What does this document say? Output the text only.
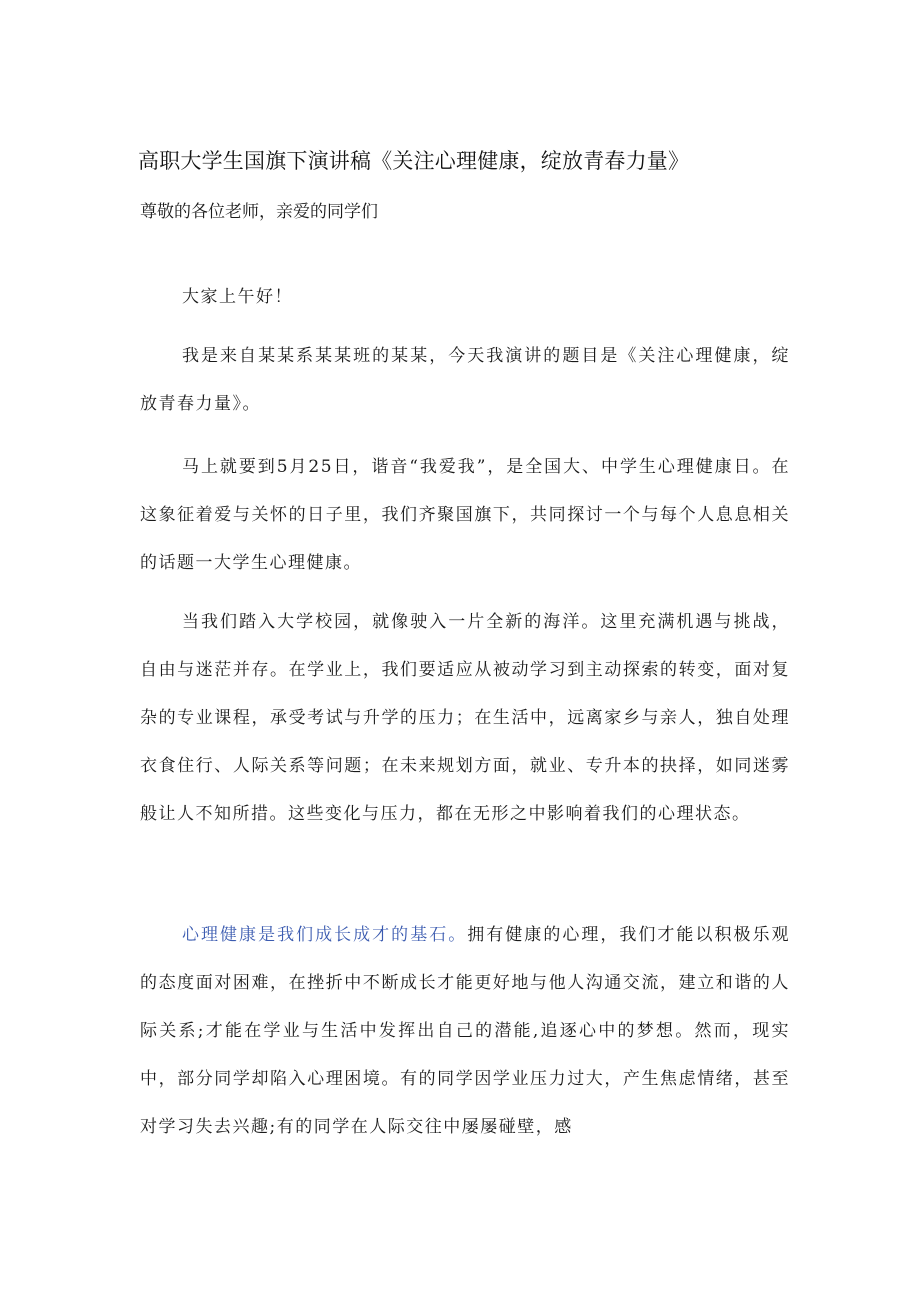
高职大学生国旗下演讲稿《关注心理健康，绽放青春力量》
尊敬的各位老师，亲爱的同学们

大家上午好！

我是来自某某系某某班的某某，今天我演讲的题目是《关注心理健康，绽放青春力量》。

马上就要到5月25日，谐音“我爱我”，是全国大、中学生心理健康日。在这象征着爱与关怀的日子里，我们齐聚国旗下，共同探讨一个与每个人息息相关的话题一大学生心理健康。

当我们踏入大学校园，就像驶入一片全新的海洋。这里充满机遇与挑战，自由与迷茫并存。在学业上，我们要适应从被动学习到主动探索的转变，面对复杂的专业课程，承受考试与升学的压力；在生活中，远离家乡与亲人，独自处理衣食住行、人际关系等问题；在未来规划方面，就业、专升本的抉择，如同迷雾般让人不知所措。这些变化与压力，都在无形之中影响着我们的心理状态。

心理健康是我们成长成才的基石。拥有健康的心理，我们才能以积极乐观的态度面对困难，在挫折中不断成长才能更好地与他人沟通交流，建立和谐的人际关系;才能在学业与生活中发挥出自己的潜能,追逐心中的梦想。然而，现实中，部分同学却陷入心理困境。有的同学因学业压力过大，产生焦虑情绪，甚至对学习失去兴趣;有的同学在人际交往中屡屡碰壁，感
